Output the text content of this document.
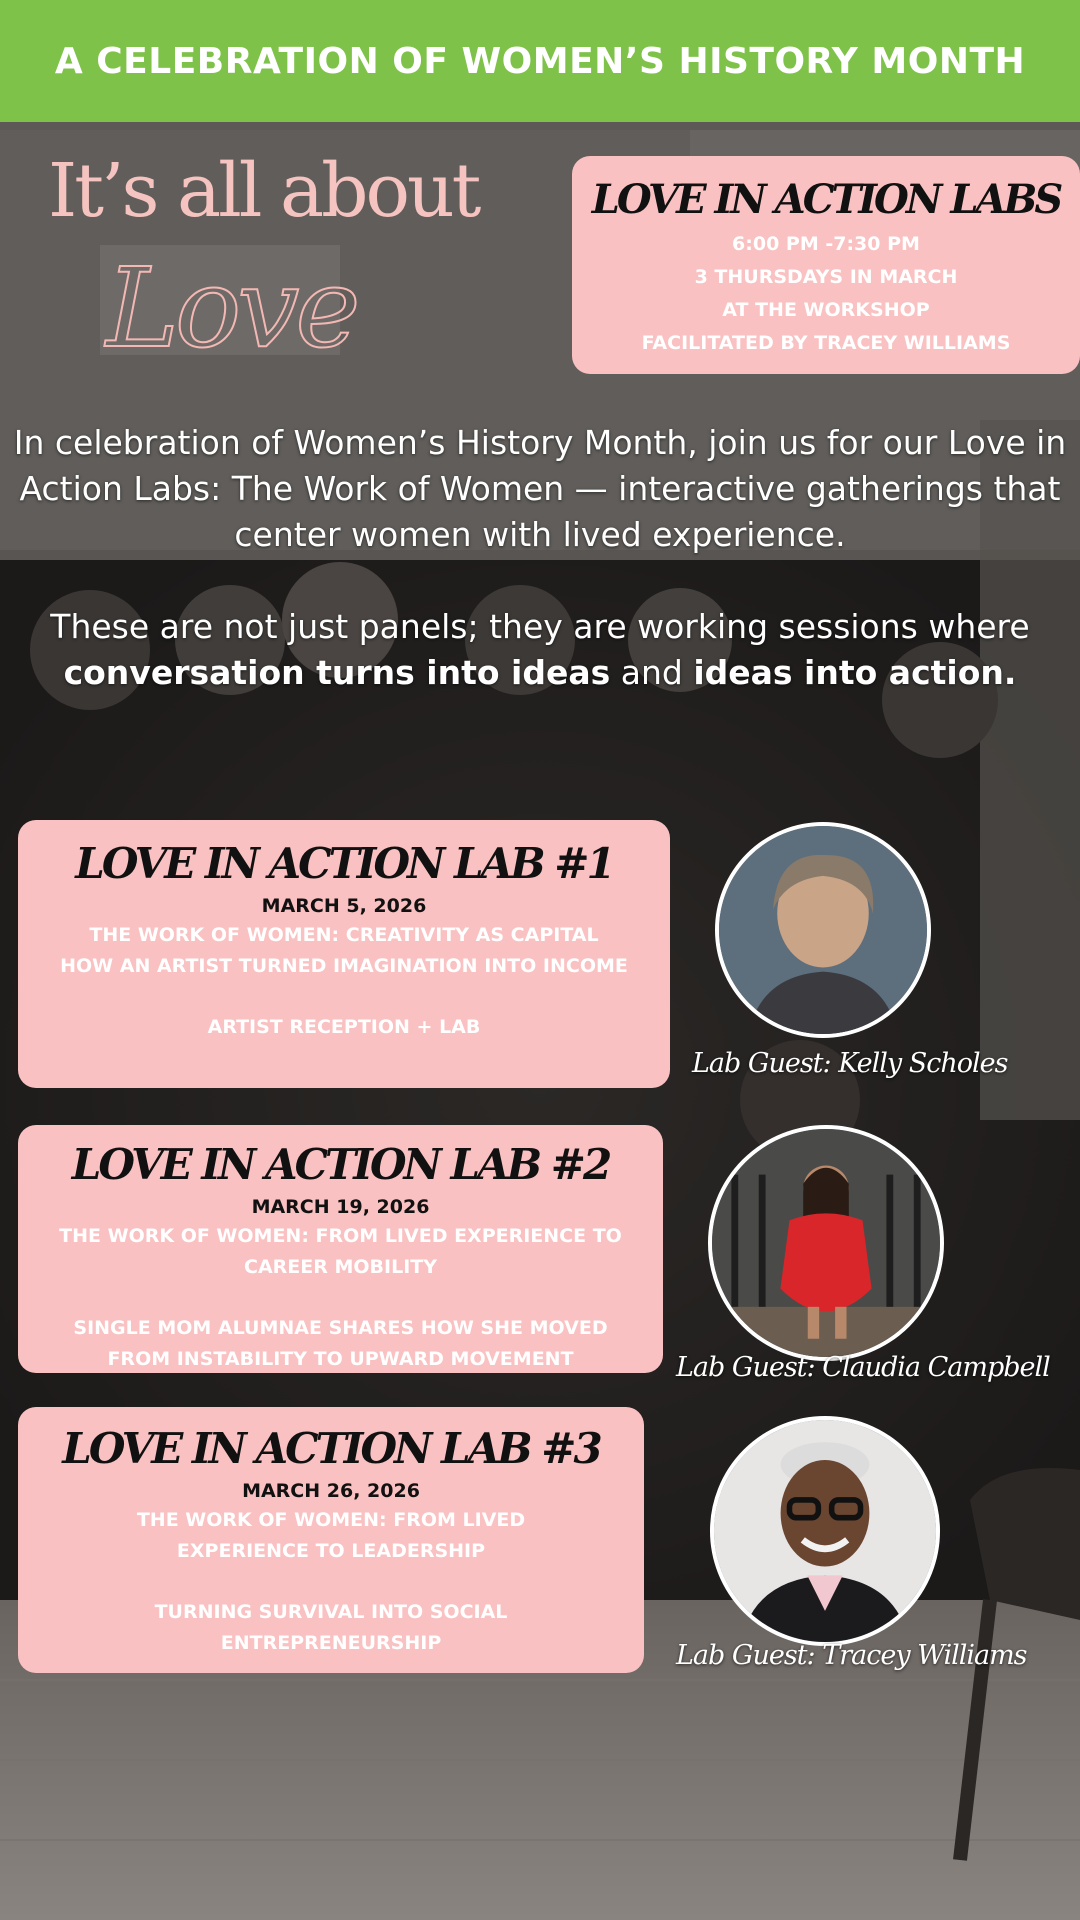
A CELEBRATION OF WOMEN’S HISTORY MONTH
It’s all about
Love
LOVE IN ACTION LABS
6:00 PM -7:30 PM
3 THURSDAYS IN MARCH
AT THE WORKSHOP
FACILITATED BY TRACEY WILLIAMS

In celebration of Women’s History Month, join us for our Love in Action Labs: The Work of Women — interactive gatherings that center women with lived experience.

These are not just panels; they are working sessions where conversation turns into ideas and ideas into action.

LOVE IN ACTION LAB #1
MARCH 5, 2026
THE WORK OF WOMEN: CREATIVITY AS CAPITAL
HOW AN ARTIST TURNED IMAGINATION INTO INCOME
ARTIST RECEPTION + LAB
Lab Guest: Kelly Scholes
LOVE IN ACTION LAB #2
MARCH 19, 2026
THE WORK OF WOMEN: FROM LIVED EXPERIENCE TO
CAREER MOBILITY
SINGLE MOM ALUMNAE SHARES HOW SHE MOVED
FROM INSTABILITY TO UPWARD MOVEMENT	Lab Guest: Claudia Campbell
LOVE IN ACTION LAB #3
MARCH 26, 2026
THE WORK OF WOMEN: FROM LIVED
EXPERIENCE TO LEADERSHIP
TURNING SURVIVAL INTO SOCIAL
ENTREPRENEURSHIP	Lab Guest: Tracey Williams
